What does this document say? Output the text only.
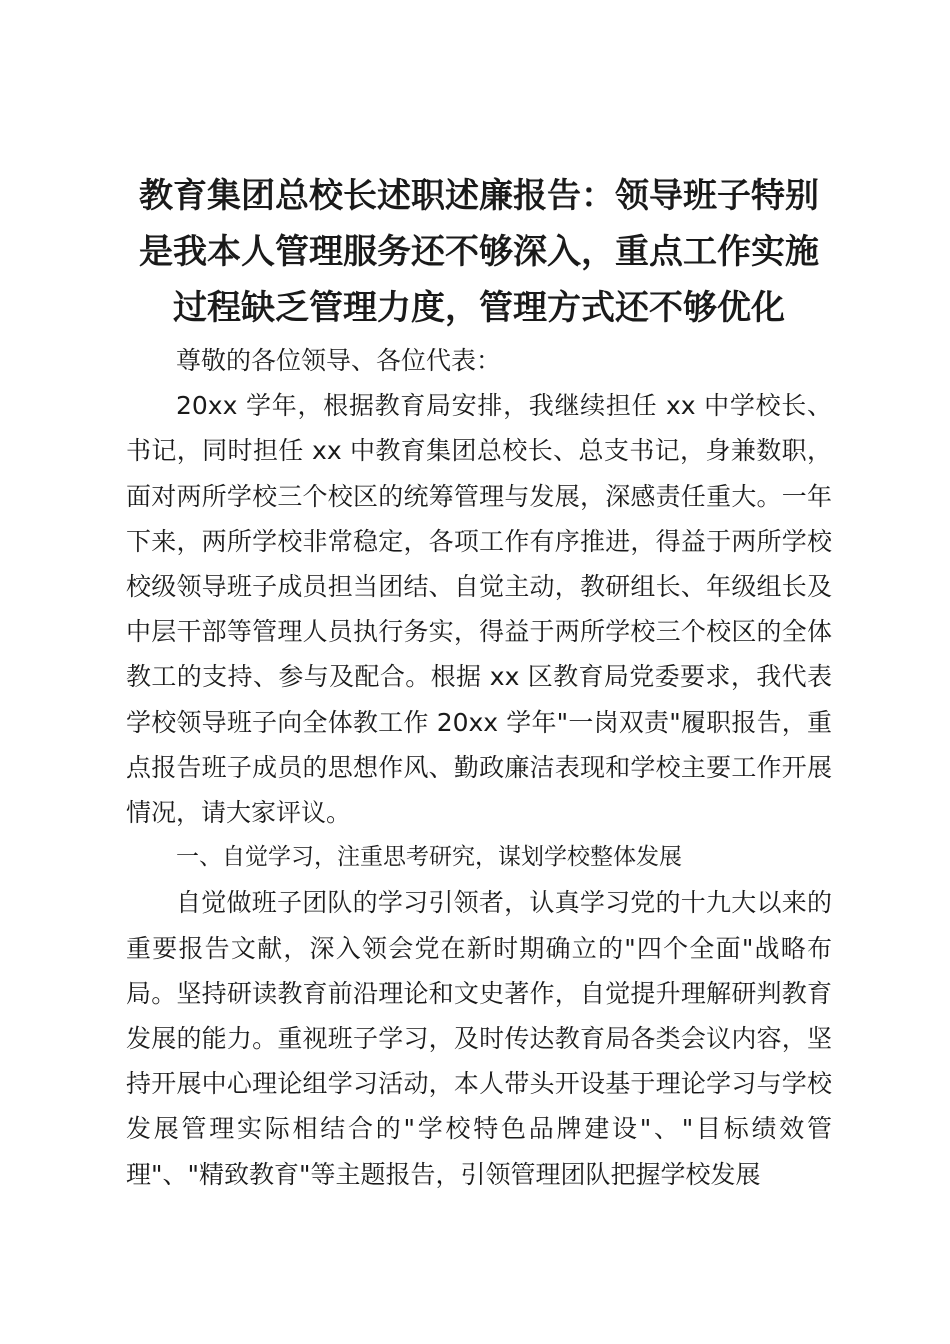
教育集团总校长述职述廉报告：领导班子特别是我本人管理服务还不够深入，重点工作实施过程缺乏管理力度，管理方式还不够优化

尊敬的各位领导、各位代表：

20xx 学年，根据教育局安排，我继续担任 xx 中学校长、书记，同时担任 xx 中教育集团总校长、总支书记，身兼数职，面对两所学校三个校区的统筹管理与发展，深感责任重大。一年下来，两所学校非常稳定，各项工作有序推进，得益于两所学校校级领导班子成员担当团结、自觉主动，教研组长、年级组长及中层干部等管理人员执行务实，得益于两所学校三个校区的全体教工的支持、参与及配合。根据 xx 区教育局党委要求，我代表学校领导班子向全体教工作 20xx 学年"一岗双责"履职报告，重点报告班子成员的思想作风、勤政廉洁表现和学校主要工作开展情况，请大家评议。

一、自觉学习，注重思考研究，谋划学校整体发展

自觉做班子团队的学习引领者，认真学习党的十九大以来的重要报告文献，深入领会党在新时期确立的"四个全面"战略布局。坚持研读教育前沿理论和文史著作，自觉提升理解研判教育发展的能力。重视班子学习，及时传达教育局各类会议内容，坚持开展中心理论组学习活动，本人带头开设基于理论学习与学校发展管理实际相结合的"学校特色品牌建设"、"目标绩效管理"、"精致教育"等主题报告，引领管理团队把握学校发展
